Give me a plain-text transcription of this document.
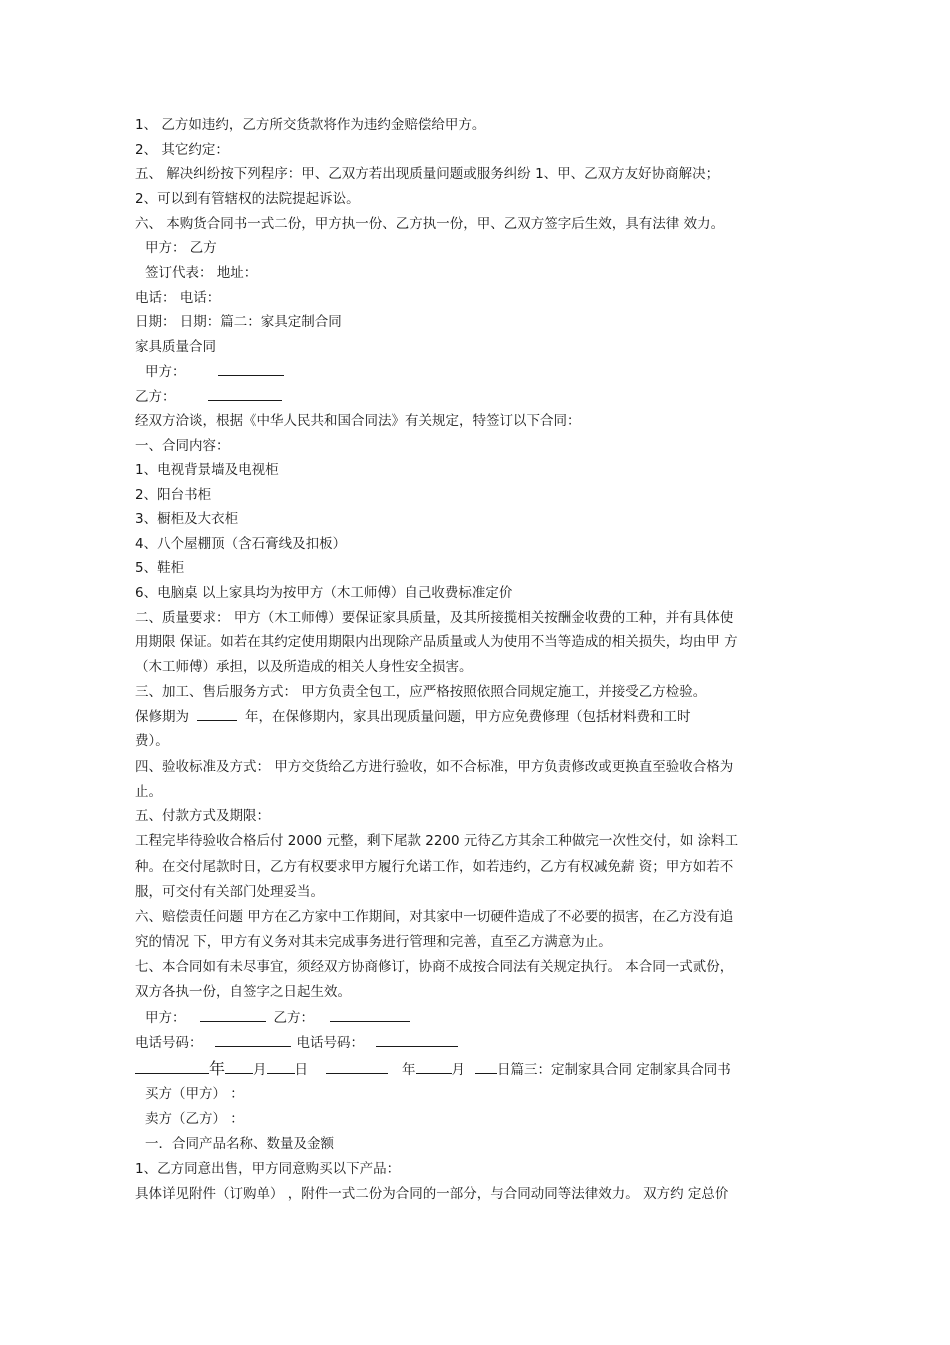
1、 乙方如违约，乙方所交货款将作为违约金赔偿给甲方。
2、 其它约定：
五、 解决纠纷按下列程序：甲、乙双方若出现质量问题或服务纠纷 1、甲、乙双方友好协商解决；
2、可以到有管辖权的法院提起诉讼。
六、 本购货合同书一式二份，甲方执一份、乙方执一份，甲、乙双方签字后生效，具有法律 效力。
甲方： 乙方
签订代表： 地址：
电话： 电话：
日期： 日期：篇二：家具定制合同
家具质量合同
甲方：
乙方：
经双方洽谈，根据《中华人民共和国合同法》有关规定，特签订以下合同：
一、合同内容：
1、电视背景墙及电视柜
2、阳台书柜
3、橱柜及大衣柜
4、八个屋棚顶（含石膏线及扣板）
5、鞋柜
6、电脑桌 以上家具均为按甲方（木工师傅）自己收费标准定价
二、质量要求： 甲方（木工师傅）要保证家具质量，及其所接揽相关按酬金收费的工种，并有具体使
用期限 保证。如若在其约定使用期限内出现除产品质量或人为使用不当等造成的相关损失，均由甲 方
（木工师傅）承担，以及所造成的相关人身性安全损害。
三、加工、售后服务方式： 甲方负责全包工，应严格按照依照合同规定施工，并接受乙方检验。
保修期为	年，在保修期内，家具出现质量问题，甲方应免费修理（包括材料费和工时
费）。
四、验收标准及方式： 甲方交货给乙方进行验收，如不合标准，甲方负责修改或更换直至验收合格为
止。
五、付款方式及期限：
工程完毕待验收合格后付 2000 元整，剩下尾款 2200 元待乙方其余工种做完一次性交付，如 涂料工
种。在交付尾款时日，乙方有权要求甲方履行允诺工作，如若违约，乙方有权减免薪 资；甲方如若不
服，可交付有关部门处理妥当。
六、赔偿责任问题 甲方在乙方家中工作期间，对其家中一切硬件造成了不必要的损害，在乙方没有追
究的情况 下，甲方有义务对其未完成事务进行管理和完善，直至乙方满意为止。
七、本合同如有未尽事宜，须经双方协商修订，协商不成按合同法有关规定执行。 本合同一式贰份，
双方各执一份，自签字之日起生效。
甲方：	乙方：
电话号码：	电话号码：
年 月 日	年	月 日篇三：定制家具合同 定制家具合同书
买方（甲方） ：
卖方（乙方） ：
一．合同产品名称、数量及金额
1、乙方同意出售，甲方同意购买以下产品：
具体详见附件（订购单） ，附件一式二份为合同的一部分，与合同动同等法律效力。 双方约 定总价
